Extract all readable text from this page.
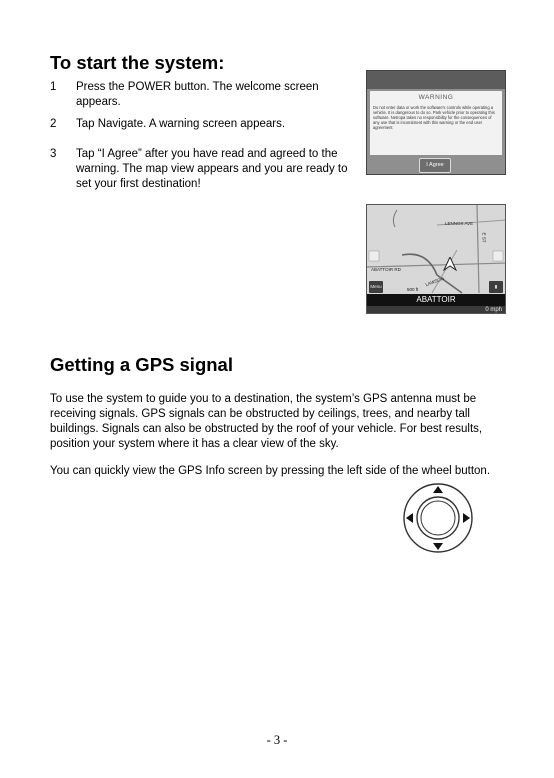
To start the system:
1 Press the POWER button. The welcome screen
appears.
2 Tap Navigate. A warning screen appears.
3 Tap “I Agree” after you have read and agreed to the
warning. The map view appears and you are ready to
set your first destination!
WARNING
Do not enter data or work the software's controls while operating a vehicle. It is dangerous to do so. Park vehicle prior to operating this software. Netropa takes no responsibility for the consequences of any use that is inconsistent with this warning or the end user agreement
I Agree
LENNOX AVE
E ST
ABATTOIR RD
LAWSON
500 ft
Menu	▮
ABATTOIR
0 mph
Getting a GPS signal
To use the system to guide you to a destination, the system’s GPS antenna must be
receiving signals. GPS signals can be obstructed by ceilings, trees, and nearby tall
buildings. Signals can also be obstructed by the roof of your vehicle. For best results,
position your system where it has a clear view of the sky.
You can quickly view the GPS Info screen by pressing the left side of the wheel button.
- 3 -
